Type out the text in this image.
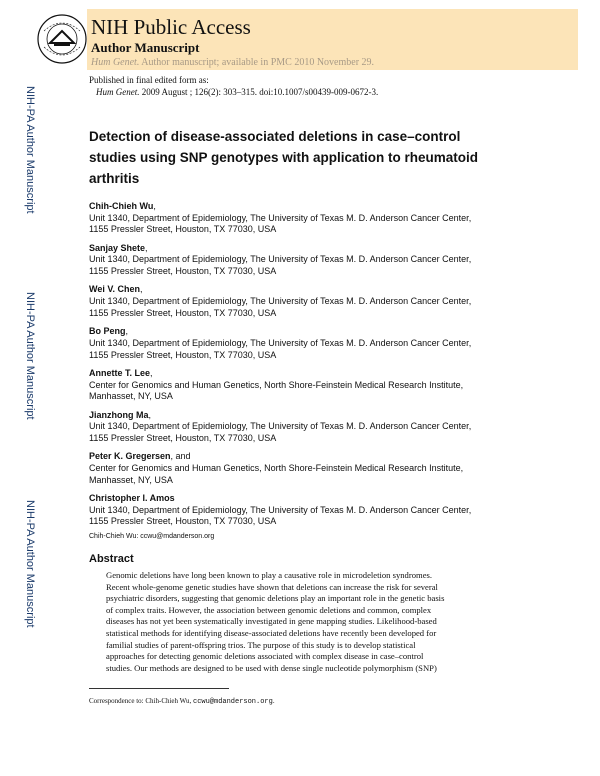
NIH Public Access
Author Manuscript
Hum Genet. Author manuscript; available in PMC 2010 November 29.
Published in final edited form as:
Hum Genet. 2009 August ; 126(2): 303–315. doi:10.1007/s00439-009-0672-3.
NIH-PA Author Manuscript
NIH-PA Author Manuscript
NIH-PA Author Manuscript
Detection of disease-associated deletions in case–control
studies using SNP genotypes with application to rheumatoid
arthritis
Chih-Chieh Wu,
Unit 1340, Department of Epidemiology, The University of Texas M. D. Anderson Cancer Center,
1155 Pressler Street, Houston, TX 77030, USA
Sanjay Shete,
Unit 1340, Department of Epidemiology, The University of Texas M. D. Anderson Cancer Center,
1155 Pressler Street, Houston, TX 77030, USA
Wei V. Chen,
Unit 1340, Department of Epidemiology, The University of Texas M. D. Anderson Cancer Center,
1155 Pressler Street, Houston, TX 77030, USA
Bo Peng,
Unit 1340, Department of Epidemiology, The University of Texas M. D. Anderson Cancer Center,
1155 Pressler Street, Houston, TX 77030, USA
Annette T. Lee,
Center for Genomics and Human Genetics, North Shore-Feinstein Medical Research Institute,
Manhasset, NY, USA
Jianzhong Ma,
Unit 1340, Department of Epidemiology, The University of Texas M. D. Anderson Cancer Center,
1155 Pressler Street, Houston, TX 77030, USA
Peter K. Gregersen, and
Center for Genomics and Human Genetics, North Shore-Feinstein Medical Research Institute,
Manhasset, NY, USA
Christopher I. Amos
Unit 1340, Department of Epidemiology, The University of Texas M. D. Anderson Cancer Center,
1155 Pressler Street, Houston, TX 77030, USA
Chih-Chieh Wu: ccwu@mdanderson.org
Abstract
Genomic deletions have long been known to play a causative role in microdeletion syndromes.
Recent whole-genome genetic studies have shown that deletions can increase the risk for several
psychiatric disorders, suggesting that genomic deletions play an important role in the genetic basis
of complex traits. However, the association between genomic deletions and common, complex
diseases has not yet been systematically investigated in gene mapping studies. Likelihood-based
statistical methods for identifying disease-associated deletions have recently been developed for
familial studies of parent-offspring trios. The purpose of this study is to develop statistical
approaches for detecting genomic deletions associated with complex disease in case–control
studies. Our methods are designed to be used with dense single nucleotide polymorphism (SNP)
Correspondence to: Chih-Chieh Wu, ccwu@mdanderson.org.
